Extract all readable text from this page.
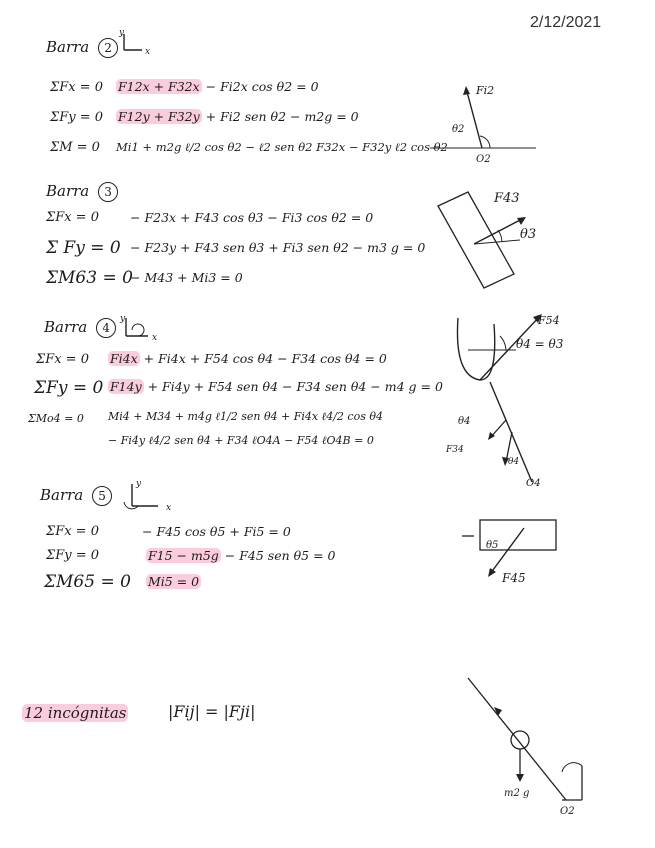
2/12/2021
Barra 2
y
x
ΣFx = 0 F12x + F32x − Fi2x cos θ2 = 0
ΣFy = 0 F12y + F32y + Fi2 sen θ2 − m2g = 0
ΣM = 0 Mi1 + m2g ℓ/2 cos θ2 − ℓ2 sen θ2 F32x − F32y ℓ2 cos θ2
Fi2
θ2
O2
Barra 3
ΣFx = 0 − F23x + F43 cos θ3 − Fi3 cos θ2 = 0
Σ Fy = 0 − F23y + F43 sen θ3 + Fi3 sen θ2 − m3 g = 0
ΣM63 = 0
− M43 + Mi3 = 0
F43
θ3
Barra 4
y
x
ΣFx = 0 Fi4x + Fi4x + F54 cos θ4 − F34 cos θ4 = 0
ΣFy = 0 F14y + Fi4y + F54 sen θ4 − F34 sen θ4 − m4 g = 0
ΣMo4 = 0 Mi4 + M34 + m4g ℓ1/2 sen θ4 + Fi4x ℓ4/2 cos θ4
− Fi4y ℓ4/2 sen θ4 + F34 ℓO4A − F54 ℓO4B = 0
F54
θ4 = θ3
θ4
F34
θ4
O4
Barra 5
y
x
ΣFx = 0	− F45 cos θ5 + Fi5 = 0
ΣFy = 0	F15 − m5g − F45 sen θ5 = 0
ΣM65 = 0 Mi5 = 0
θ5
F45
12 incógnitas	|Fij| = |Fji|
m2 g
O2
